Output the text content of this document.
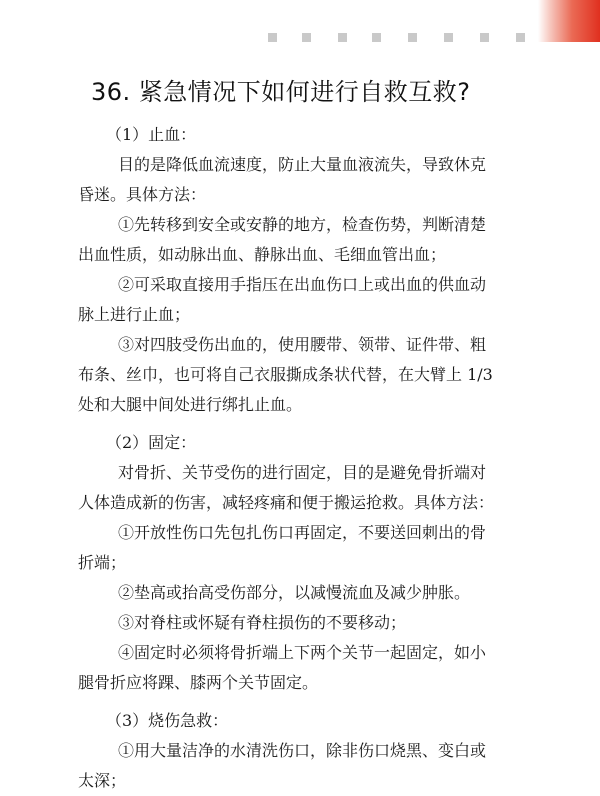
36. 紧急情况下如何进行自救互救?
（1）止血：
目的是降低血流速度，防止大量血液流失，导致休克
昏迷。具体方法：
①先转移到安全或安静的地方，检查伤势，判断清楚
出血性质，如动脉出血、静脉出血、毛细血管出血；
②可采取直接用手指压在出血伤口上或出血的供血动
脉上进行止血；
③对四肢受伤出血的，使用腰带、领带、证件带、粗
布条、丝巾，也可将自己衣服撕成条状代替，在大臂上 1/3
处和大腿中间处进行绑扎止血。
（2）固定：
对骨折、关节受伤的进行固定，目的是避免骨折端对
人体造成新的伤害，减轻疼痛和便于搬运抢救。具体方法：
①开放性伤口先包扎伤口再固定，不要送回刺出的骨
折端；
②垫高或抬高受伤部分，以减慢流血及减少肿胀。
③对脊柱或怀疑有脊柱损伤的不要移动；
④固定时必须将骨折端上下两个关节一起固定，如小
腿骨折应将踝、膝两个关节固定。
（3）烧伤急救：
①用大量洁净的水清洗伤口，除非伤口烧黑、变白或
太深；
